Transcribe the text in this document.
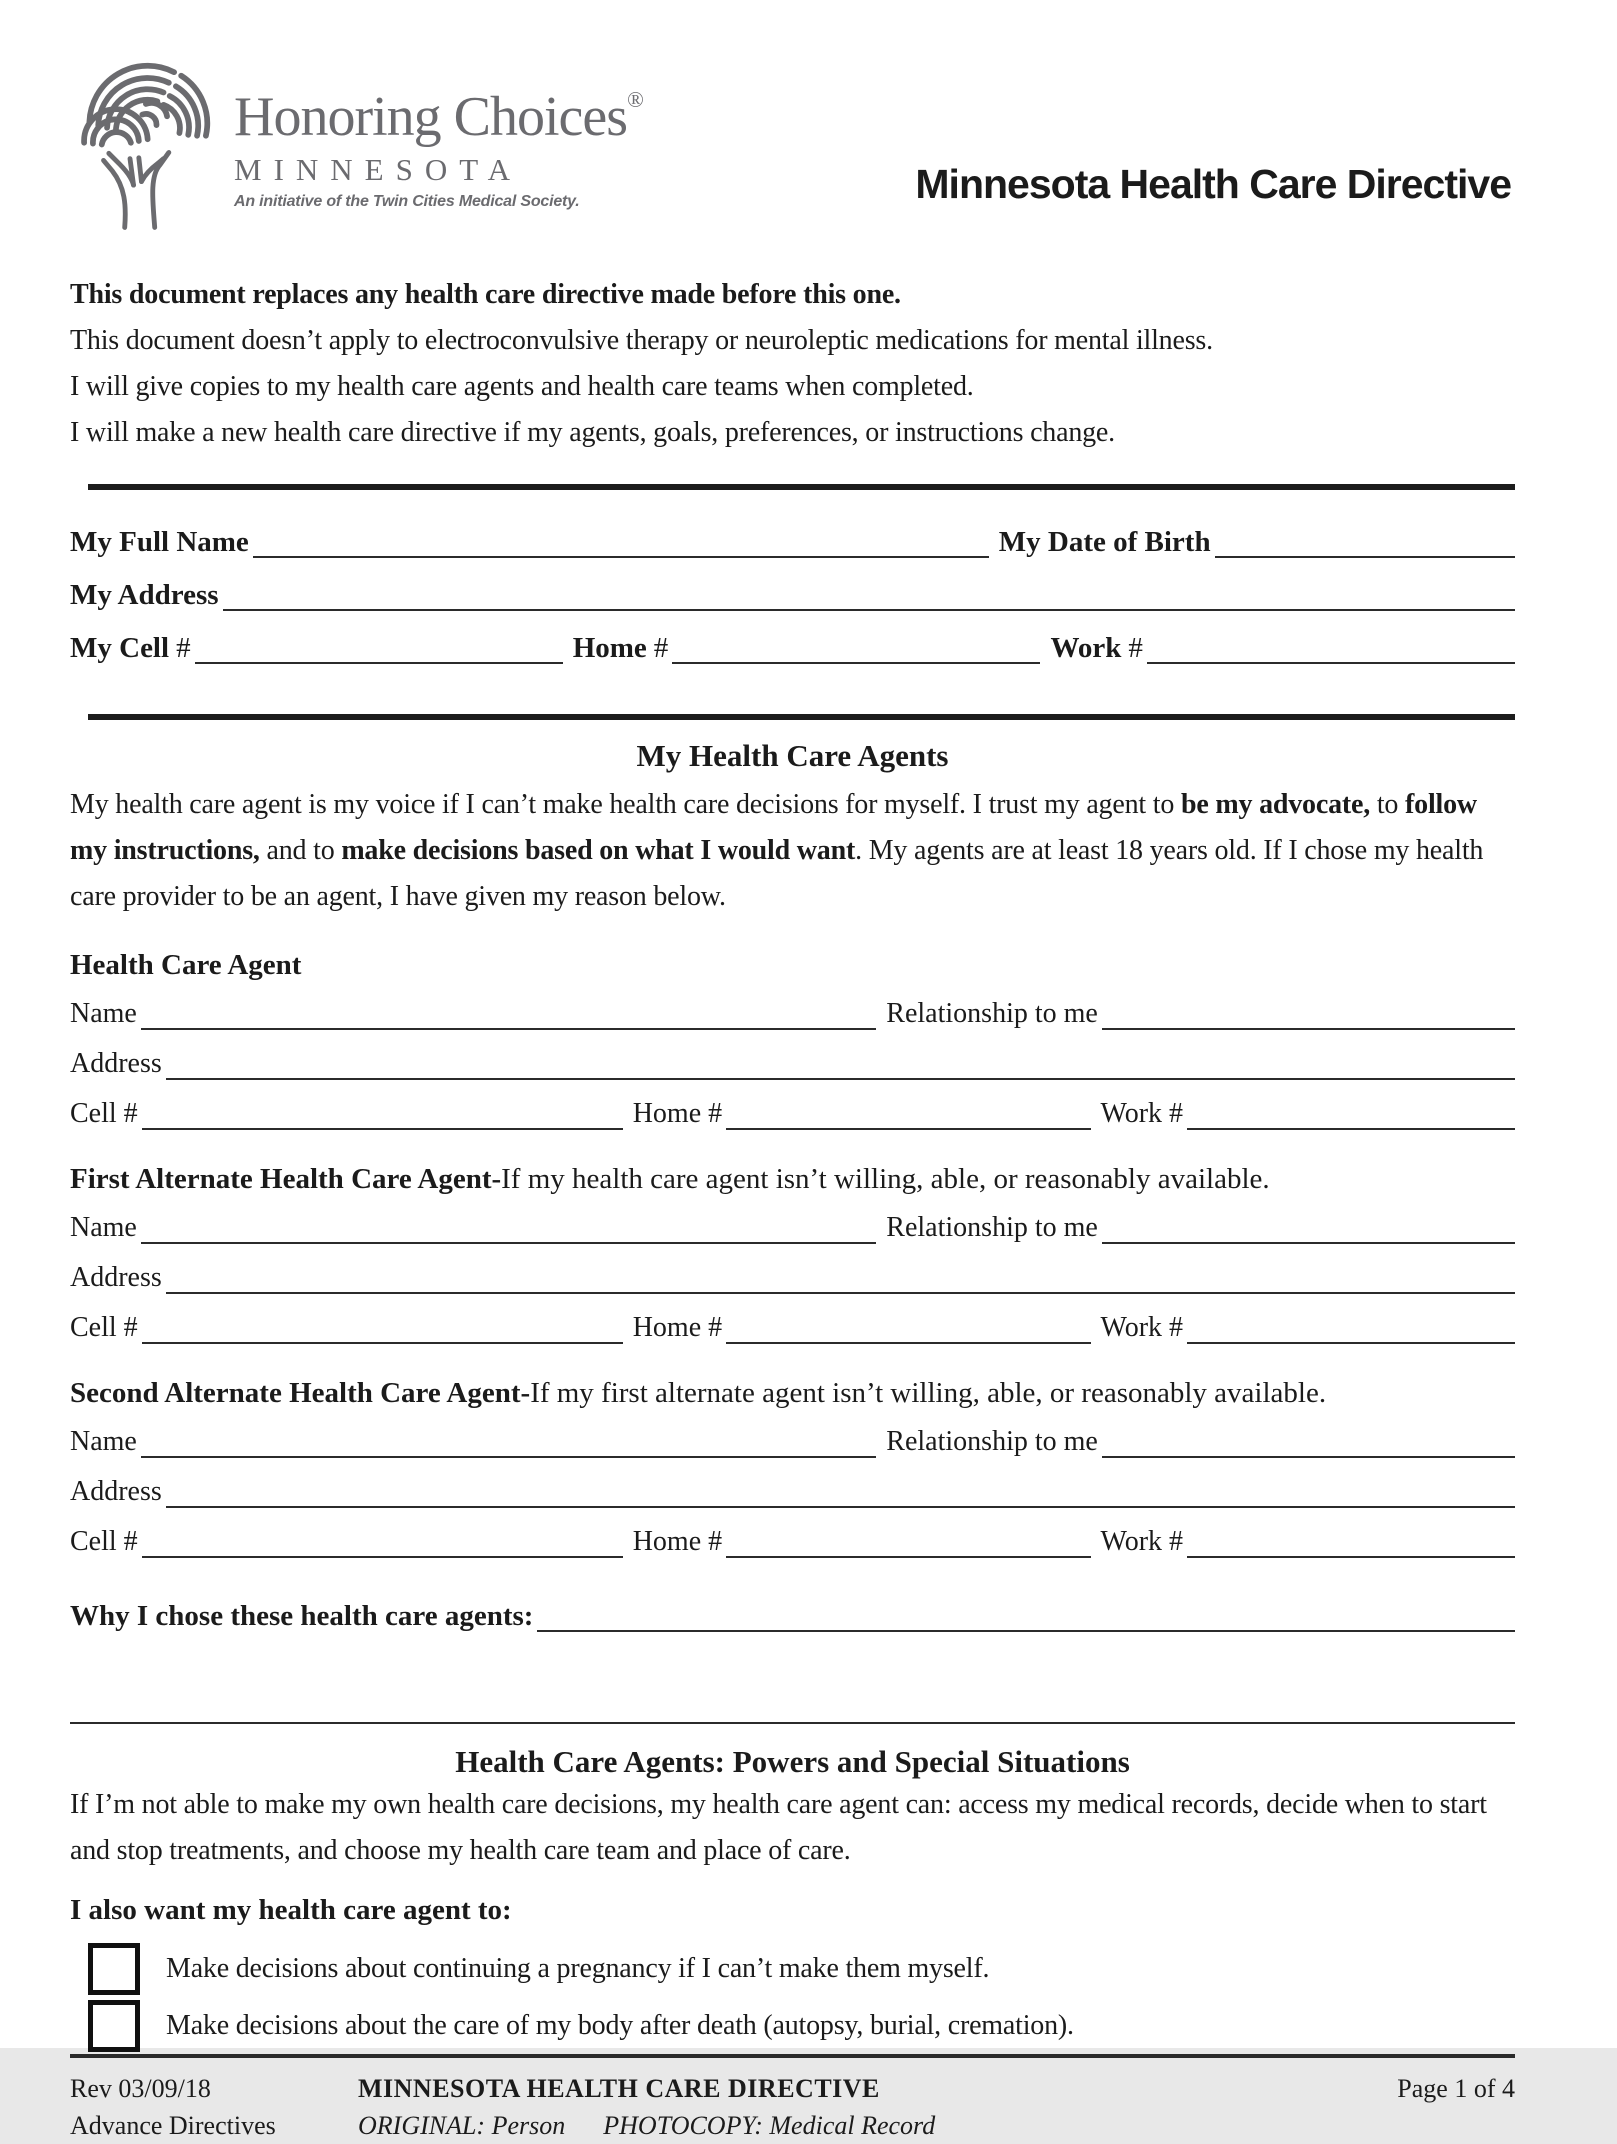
Honoring Choices®
MINNESOTA
An initiative of the Twin Cities Medical Society.	Minnesota Health Care Directive

This document replaces any health care directive made before this one.

This document doesn’t apply to electroconvulsive therapy or neuroleptic medications for mental illness.

I will give copies to my health care agents and health care teams when completed.

I will make a new health care directive if my agents, goals, preferences, or instructions change.

My Full Name	My Date of Birth
My Address
My Cell #	Home #	Work #
My Health Care Agents

My health care agent is my voice if I can’t make health care decisions for myself. I trust my agent to be my advocate, to follow my instructions, and to make decisions based on what I would want. My agents are at least 18 years old. If I chose my health care provider to be an agent, I have given my reason below.

Health Care Agent
Name	Relationship to me
Address
Cell #	Home #	Work #
First Alternate Health Care Agent-If my health care agent isn’t willing, able, or reasonably available.
Name	Relationship to me
Address
Cell #	Home #	Work #
Second Alternate Health Care Agent-If my first alternate agent isn’t willing, able, or reasonably available.
Name	Relationship to me
Address
Cell #	Home #	Work #
Why I chose these health care agents:
Health Care Agents: Powers and Special Situations

If I’m not able to make my own health care decisions, my health care agent can: access my medical records, decide when to start and stop treatments, and choose my health care team and place of care.

I also want my health care agent to:

Make decisions about continuing a pregnancy if I can’t make them myself.
Make decisions about the care of my body after death (autopsy, burial, cremation).
Rev 03/09/18
Advance Directives
MINNESOTA HEALTH CARE DIRECTIVE
ORIGINAL: Person PHOTOCOPY: Medical Record
Page 1 of 4
